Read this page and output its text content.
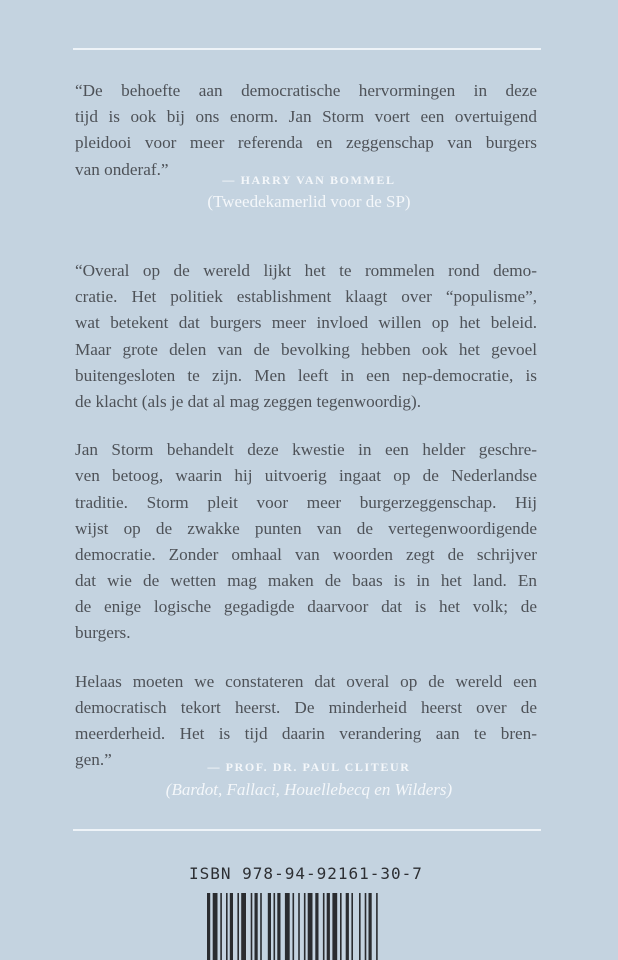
“De behoefte aan democratische hervormingen in deze
tijd is ook bij ons enorm. Jan Storm voert een overtuigend
pleidooi voor meer referenda en zeggenschap van burgers
van onderaf.”
— HARRY VAN BOMMEL
(Tweedekamerlid voor de SP)
“Overal op de wereld lijkt het te rommelen rond demo-
cratie. Het politiek establishment klaagt over “populisme”,
wat betekent dat burgers meer invloed willen op het beleid.
Maar grote delen van de bevolking hebben ook het gevoel
buitengesloten te zijn. Men leeft in een nep-democratie, is
de klacht (als je dat al mag zeggen tegenwoordig).
Jan Storm behandelt deze kwestie in een helder geschre-
ven betoog, waarin hij uitvoerig ingaat op de Nederlandse
traditie. Storm pleit voor meer burgerzeggenschap. Hij
wijst op de zwakke punten van de vertegenwoordigende
democratie. Zonder omhaal van woorden zegt de schrijver
dat wie de wetten mag maken de baas is in het land. En
de enige logische gegadigde daarvoor dat is het volk; de
burgers.
Helaas moeten we constateren dat overal op de wereld een
democratisch tekort heerst. De minderheid heerst over de
meerderheid. Het is tijd daarin verandering aan te bren-
gen.”	— PROF. DR. PAUL CLITEUR
(Bardot, Fallaci, Houellebecq en Wilders)
ISBN 978-94-92161-30-7
